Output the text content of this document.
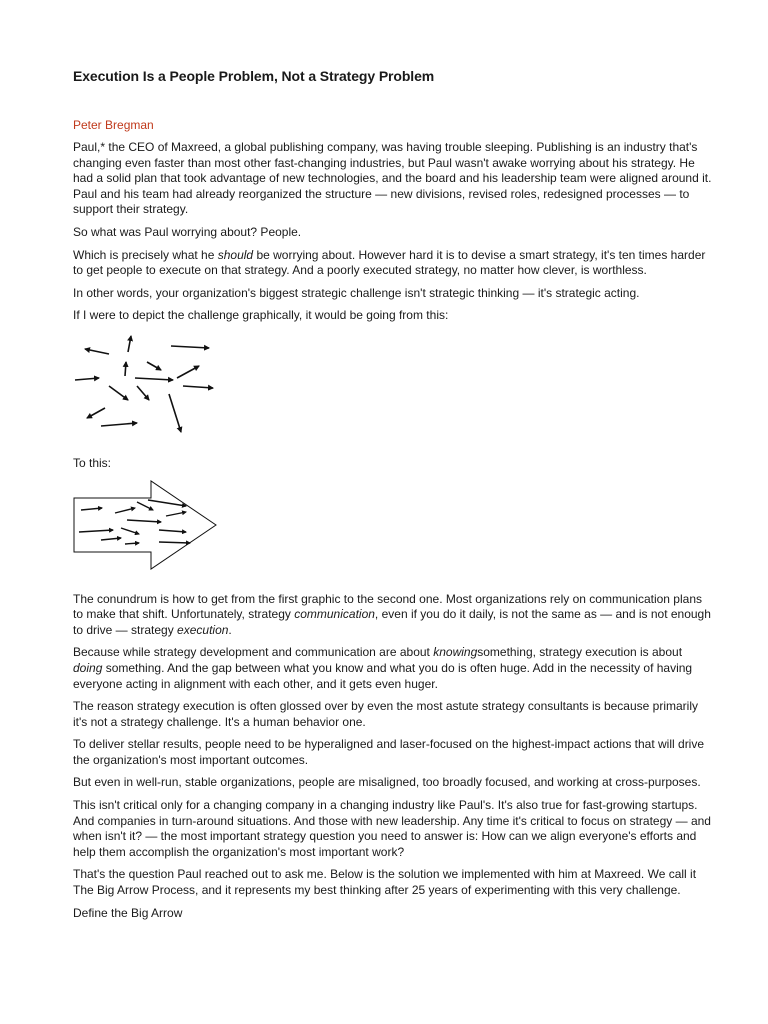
Execution Is a People Problem, Not a Strategy Problem
Peter Bregman

Paul,* the CEO of Maxreed, a global publishing company, was having trouble sleeping. Publishing is an industry that's changing even faster than most other fast-changing industries, but Paul wasn't awake worrying about his strategy. He had a solid plan that took advantage of new technologies, and the board and his leadership team were aligned around it. Paul and his team had already reorganized the structure — new divisions, revised roles, redesigned processes — to support their strategy.

So what was Paul worrying about? People.

Which is precisely what he should be worrying about. However hard it is to devise a smart strategy, it's ten times harder to get people to execute on that strategy. And a poorly executed strategy, no matter how clever, is worthless.

In other words, your organization's biggest strategic challenge isn't strategic thinking — it's strategic acting.

If I were to depict the challenge graphically, it would be going from this:

To this:

The conundrum is how to get from the first graphic to the second one. Most organizations rely on communication plans to make that shift. Unfortunately, strategy communication, even if you do it daily, is not the same as — and is not enough to drive — strategy execution.

Because while strategy development and communication are about knowingsomething, strategy execution is about doing something. And the gap between what you know and what you do is often huge. Add in the necessity of having everyone acting in alignment with each other, and it gets even huger.

The reason strategy execution is often glossed over by even the most astute strategy consultants is because primarily it's not a strategy challenge. It's a human behavior one.

To deliver stellar results, people need to be hyperaligned and laser-focused on the highest-impact actions that will drive the organization's most important outcomes.

But even in well-run, stable organizations, people are misaligned, too broadly focused, and working at cross-purposes.

This isn't critical only for a changing company in a changing industry like Paul's. It's also true for fast-growing startups. And companies in turn-around situations. And those with new leadership. Any time it's critical to focus on strategy — and when isn't it? — the most important strategy question you need to answer is: How can we align everyone's efforts and help them accomplish the organization's most important work?

That's the question Paul reached out to ask me. Below is the solution we implemented with him at Maxreed. We call it The Big Arrow Process, and it represents my best thinking after 25 years of experimenting with this very challenge.

Define the Big Arrow
